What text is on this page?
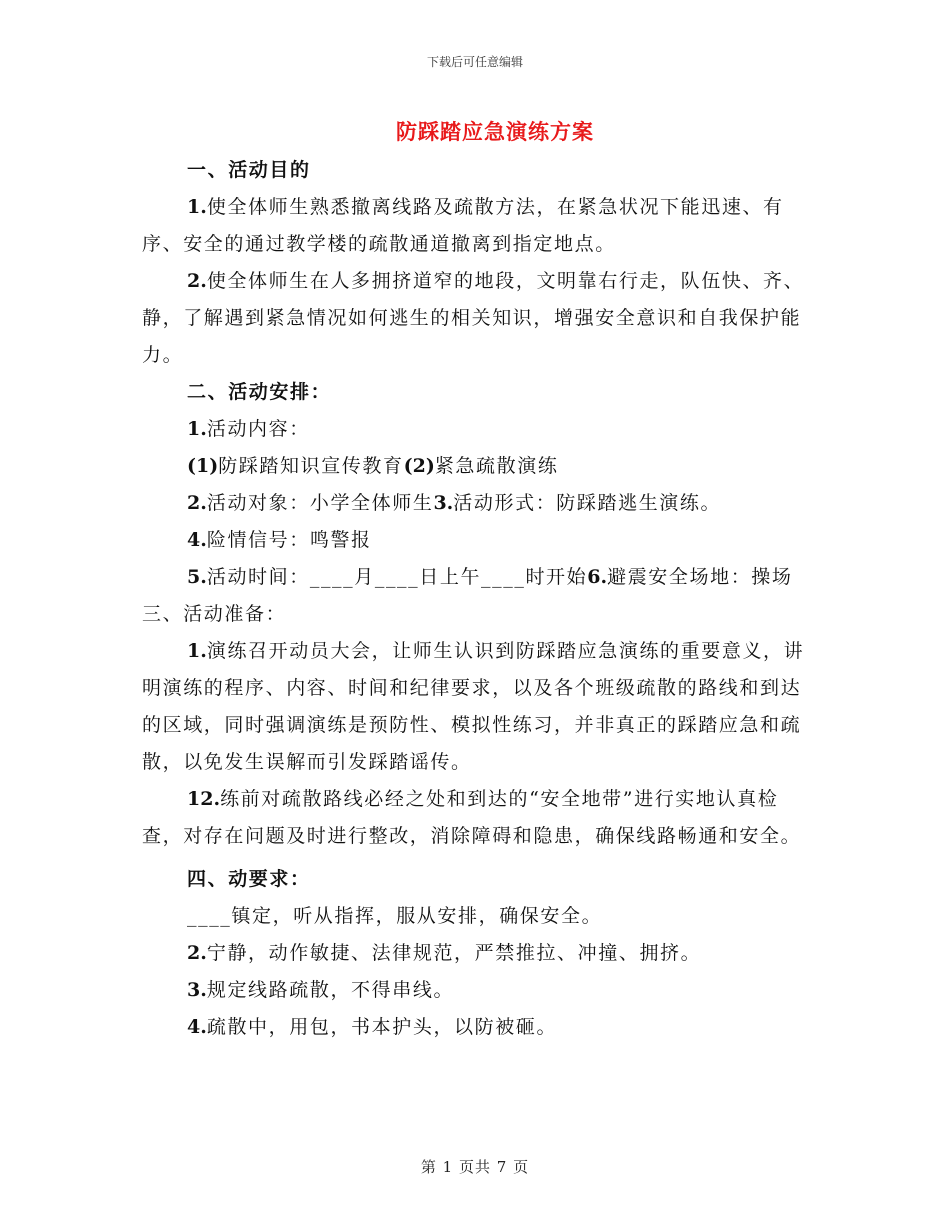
下载后可任意编辑
防踩踏应急演练方案

一、活动目的

1.使全体师生熟悉撤离线路及疏散方法，在紧急状况下能迅速、有序、安全的通过教学楼的疏散通道撤离到指定地点。

2.使全体师生在人多拥挤道窄的地段，文明靠右行走，队伍快、齐、静，了解遇到紧急情况如何逃生的相关知识，增强安全意识和自我保护能力。

二、活动安排：

1.活动内容：

(1)防踩踏知识宣传教育(2)紧急疏散演练

2.活动对象：小学全体师生3.活动形式：防踩踏逃生演练。

4.险情信号：鸣警报

5.活动时间：____月____日上午____时开始6.避震安全场地：操场三、活动准备：

1.演练召开动员大会，让师生认识到防踩踏应急演练的重要意义，讲明演练的程序、内容、时间和纪律要求，以及各个班级疏散的路线和到达的区域，同时强调演练是预防性、模拟性练习，并非真正的踩踏应急和疏散，以免发生误解而引发踩踏谣传。

12.练前对疏散路线必经之处和到达的“安全地带”进行实地认真检查，对存在问题及时进行整改，消除障碍和隐患，确保线路畅通和安全。

四、动要求：

____镇定，听从指挥，服从安排，确保安全。

2.宁静，动作敏捷、法律规范，严禁推拉、冲撞、拥挤。

3.规定线路疏散，不得串线。

4.疏散中，用包，书本护头，以防被砸。

第 1 页共 7 页
